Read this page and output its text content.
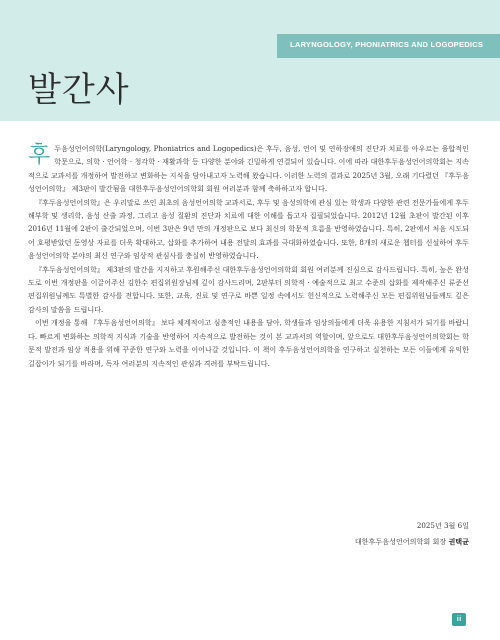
LARYNGOLOGY, PHONIATRICS AND LOGOPEDICS
발간사

후두음성언어의학(Laryngology, Phoniatrics and Logopedics)은 후두, 음성, 언어 및 연하장애의 진단과 치료를 아우르는 융합적인 학문으로, 의학 · 언어학 · 청각학 · 재활과학 등 다양한 분야와 긴밀하게 연결되어 있습니다. 이에 따라 대한후두음성언어의학회는 지속적으로 교과서를 개정하여 발전하고 변화하는 지식을 담아내고자 노력해 왔습니다. 이러한 노력의 결과로 2025년 3월, 오래 기다렸던 『후두음성언어의학』 제3판이 발간됨을 대한후두음성언어의학회 회원 여러분과 함께 축하하고자 합니다.

『후두음성언어의학』은 우리말로 쓰인 최초의 음성언어의학 교과서로, 후두 및 음성의학에 관심 있는 학생과 다양한 관련 전문가들에게 후두 해부학 및 생리학, 음성 산출 과정, 그리고 음성 질환의 진단과 치료에 대한 이해를 돕고자 집필되었습니다. 2012년 12월 초판이 발간된 이후 2016년 11월에 2판이 출간되었으며, 이번 3판은 9년 만의 개정판으로 보다 최신의 학문적 흐름을 반영하였습니다. 특히, 2판에서 처음 시도되어 호평받았던 동영상 자료를 더욱 확대하고, 삽화를 추가하여 내용 전달의 효과를 극대화하였습니다. 또한, 8개의 새로운 챕터를 신설하여 후두음성언어의학 분야의 최신 연구와 임상적 관심사를 충실히 반영하였습니다.

『후두음성언어의학』 제3판의 발간을 지지하고 후원해주신 대한후두음성언어의학회 회원 여러분께 진심으로 감사드립니다. 특히, 높은 완성도로 이번 개정판을 이끌어주신 김한수 편집위원장님께 깊이 감사드리며, 2판부터 의학적 · 예술적으로 최고 수준의 삽화를 제작해주신 류준선 편집위원님께도 특별한 감사를 전합니다. 또한, 교육, 진료 및 연구로 바쁜 일정 속에서도 헌신적으로 노력해주신 모든 편집위원님들께도 깊은 감사의 말씀을 드립니다.

이번 개정을 통해 『후두음성언어의학』 보다 체계적이고 심층적인 내용을 담아, 학생들과 임상의들에게 더욱 유용한 지침서가 되기를 바랍니다. 빠르게 변화하는 의학적 지식과 기술을 반영하여 지속적으로 발전하는 것이 본 교과서의 역할이며, 앞으로도 대한후두음성언어의학회는 학문적 발전과 임상 적용을 위해 꾸준한 연구와 노력을 이어나갈 것입니다. 이 책이 후두음성언어의학을 연구하고 실천하는 모든 이들에게 유익한 길잡이가 되기를 바라며, 독자 여러분의 지속적인 관심과 격려를 부탁드립니다.

2025년 3월 6일
대한후두음성언어의학회 회장 권택균
iii
